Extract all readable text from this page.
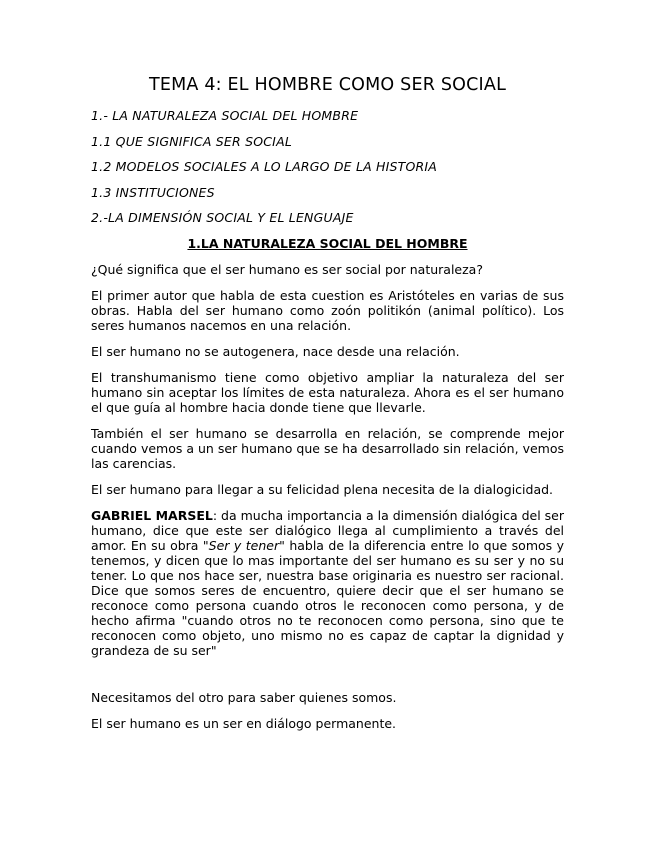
TEMA 4: EL HOMBRE COMO SER SOCIAL
1.- LA NATURALEZA SOCIAL DEL HOMBRE
1.1 QUE SIGNIFICA SER SOCIAL
1.2 MODELOS SOCIALES A LO LARGO DE LA HISTORIA
1.3 INSTITUCIONES
2.-LA DIMENSIÓN SOCIAL Y EL LENGUAJE
1.LA NATURALEZA SOCIAL DEL HOMBRE

¿Qué significa que el ser humano es ser social por naturaleza?

El primer autor que habla de esta cuestion es Aristóteles en varias de sus obras. Habla del ser humano como zoón politikón (animal político). Los seres humanos nacemos en una relación.

El ser humano no se autogenera, nace desde una relación.

El transhumanismo tiene como objetivo ampliar la naturaleza del ser humano sin aceptar los límites de esta naturaleza. Ahora es el ser humano el que guía al hombre hacia donde tiene que llevarle.

También el ser humano se desarrolla en relación, se comprende mejor cuando vemos a un ser humano que se ha desarrollado sin relación, vemos las carencias.

El ser humano para llegar a su felicidad plena necesita de la dialogicidad.

GABRIEL MARSEL: da mucha importancia a la dimensión dialógica del ser humano, dice que este ser dialógico llega al cumplimiento a través del amor. En su obra "Ser y tener" habla de la diferencia entre lo que somos y tenemos, y dicen que lo mas importante del ser humano es su ser y no su tener. Lo que nos hace ser, nuestra base originaria es nuestro ser racional. Dice que somos seres de encuentro, quiere decir que el ser humano se reconoce como persona cuando otros le reconocen como persona, y de hecho afirma "cuando otros no te reconocen como persona, sino que te reconocen como objeto, uno mismo no es capaz de captar la dignidad y grandeza de su ser"

Necesitamos del otro para saber quienes somos.

El ser humano es un ser en diálogo permanente.
